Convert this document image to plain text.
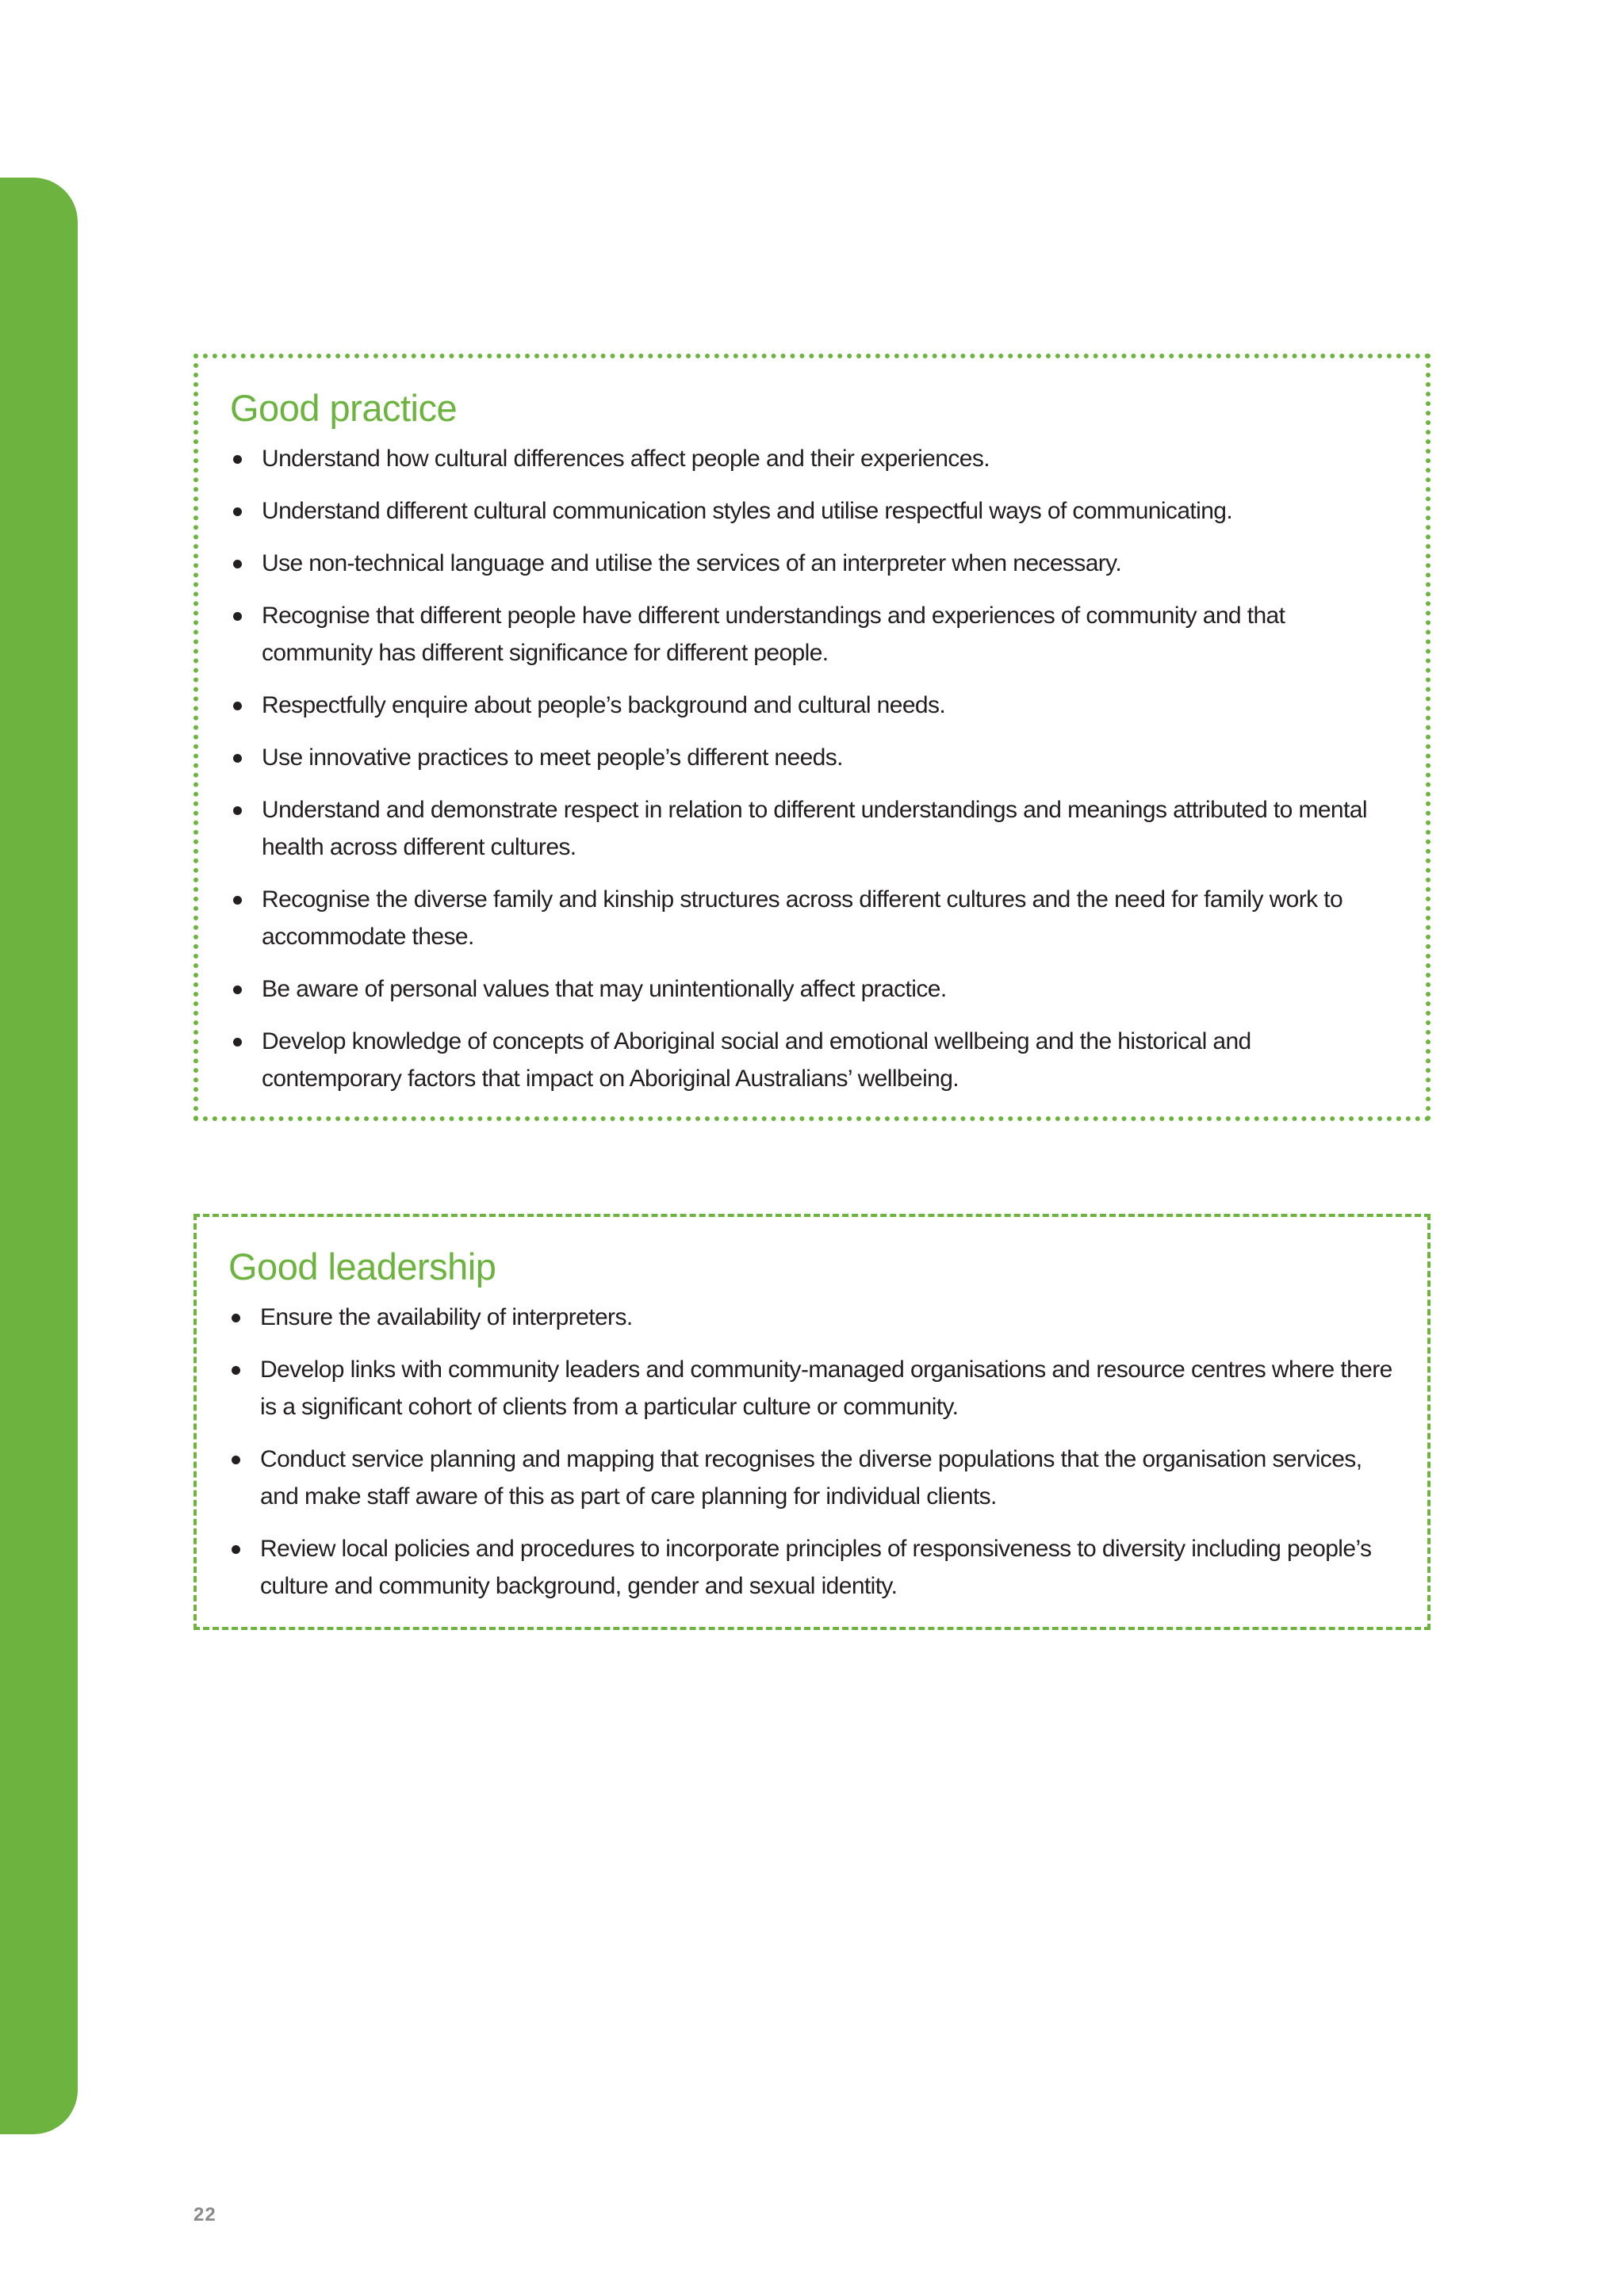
Good practice
Understand how cultural differences affect people and their experiences.
Understand different cultural communication styles and utilise respectful ways of communicating.
Use non-technical language and utilise the services of an interpreter when necessary.
Recognise that different people have different understandings and experiences of community and that community has different significance for different people.
Respectfully enquire about people’s background and cultural needs.
Use innovative practices to meet people’s different needs.
Understand and demonstrate respect in relation to different understandings and meanings attributed to mental health across different cultures.
Recognise the diverse family and kinship structures across different cultures and the need for family work to accommodate these.
Be aware of personal values that may unintentionally affect practice.
Develop knowledge of concepts of Aboriginal social and emotional wellbeing and the historical and contemporary factors that impact on Aboriginal Australians’ wellbeing.
Good leadership
Ensure the availability of interpreters.
Develop links with community leaders and community-managed organisations and resource centres where there is a significant cohort of clients from a particular culture or community.
Conduct service planning and mapping that recognises the diverse populations that the organisation services, and make staff aware of this as part of care planning for individual clients.
Review local policies and procedures to incorporate principles of responsiveness to diversity including people’s culture and community background, gender and sexual identity.
22
